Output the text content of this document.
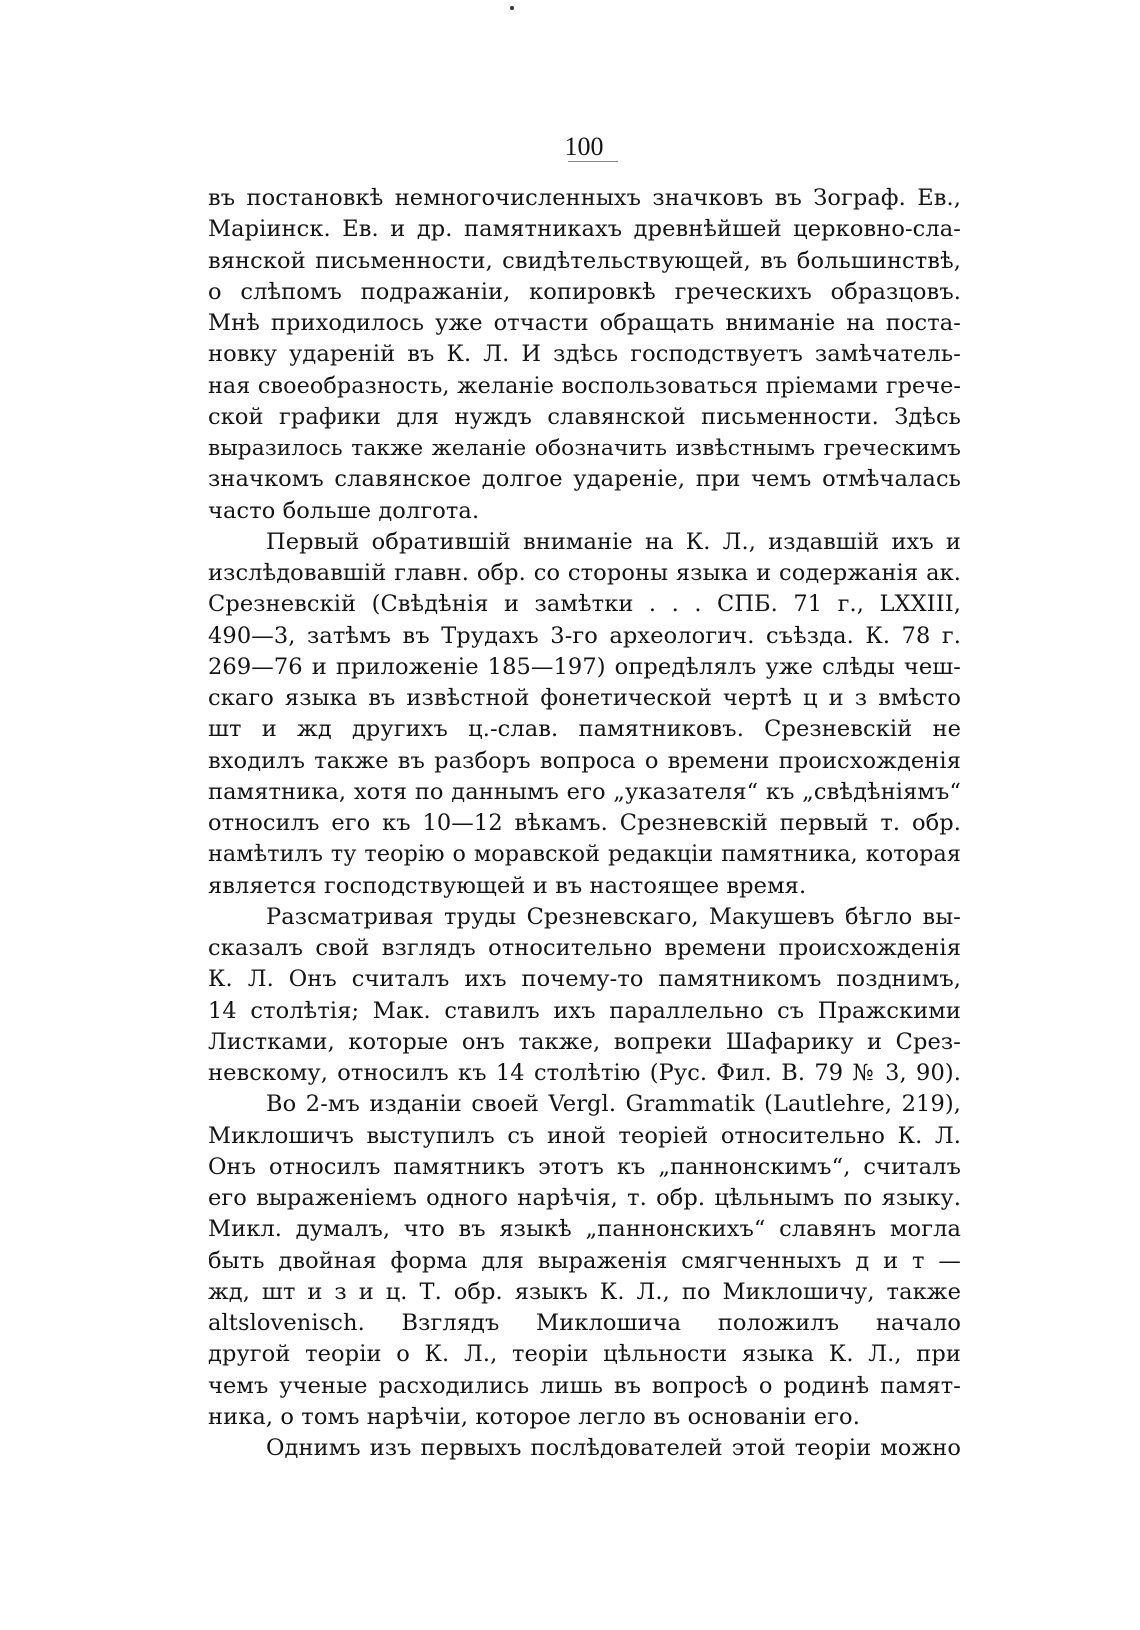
100
въ постановкѣ немногочисленныхъ значковъ въ Зограф. Ев.,
Маріинск. Ев. и др. памятникахъ древнѣйшей церковно-сла-
вянской письменности, свидѣтельствующей, въ большинствѣ,
о слѣпомъ подражаніи, копировкѣ греческихъ образцовъ.
Мнѣ приходилось уже отчасти обращать вниманіе на поста-
новку удареній въ К. Л. И здѣсь господствуетъ замѣчатель-
ная своеобразность, желаніе воспользоваться пріемами грече-
ской графики для нуждъ славянской письменности. Здѣсь
выразилось также желаніе обозначить извѣстнымъ греческимъ
значкомъ славянское долгое удареніе, при чемъ отмѣчалась
часто больше долгота.
Первый обратившій вниманіе на К. Л., издавшій ихъ и
изслѣдовавшій главн. обр. со стороны языка и содержанія ак.
Срезневскій (Свѣдѣнія и замѣтки . . . СПБ. 71 г., LXXIII,
490—3, затѣмъ въ Трудахъ 3-го археологич. съѣзда. К. 78 г.
269—76 и приложеніе 185—197) опредѣлялъ уже слѣды чеш-
скаго языка въ извѣстной фонетической чертѣ ц и з вмѣсто
шт и жд другихъ ц.-слав. памятниковъ. Срезневскій не
входилъ также въ разборъ вопроса о времени происхожденія
памятника, хотя по даннымъ его „указателя“ къ „свѣдѣніямъ“
относилъ его къ 10—12 вѣкамъ. Срезневскій первый т. обр.
намѣтилъ ту теорію о моравской редакціи памятника, которая
является господствующей и въ настоящее время.
Разсматривая труды Срезневскаго, Макушевъ бѣгло вы-
сказалъ свой взглядъ относительно времени происхожденія
К. Л. Онъ считалъ ихъ почему-то памятникомъ позднимъ,
14 столѣтія; Мак. ставилъ ихъ параллельно съ Пражскими
Листками, которые онъ также, вопреки Шафарику и Срез-
невскому, относилъ къ 14 столѣтію (Рус. Фил. В. 79 № 3, 90).
Во 2-мъ изданіи своей Vergl. Grammatik (Lautlehre, 219),
Миклошичъ выступилъ съ иной теоріей относительно К. Л.
Онъ относилъ памятникъ этотъ къ „паннонскимъ“, считалъ
его выраженіемъ одного нарѣчія, т. обр. цѣльнымъ по языку.
Микл. думалъ, что въ языкѣ „паннонскихъ“ славянъ могла
быть двойная форма для выраженія смягченныхъ д и т —
жд, шт и з и ц. Т. обр. языкъ К. Л., по Миклошичу, также
altslovenisch. Взглядъ Миклошича положилъ начало
другой теоріи о К. Л., теоріи цѣльности языка К. Л., при
чемъ ученые расходились лишь въ вопросѣ о родинѣ памят-
ника, о томъ нарѣчіи, которое легло въ основаніи его.
Однимъ изъ первыхъ послѣдователей этой теоріи можно
